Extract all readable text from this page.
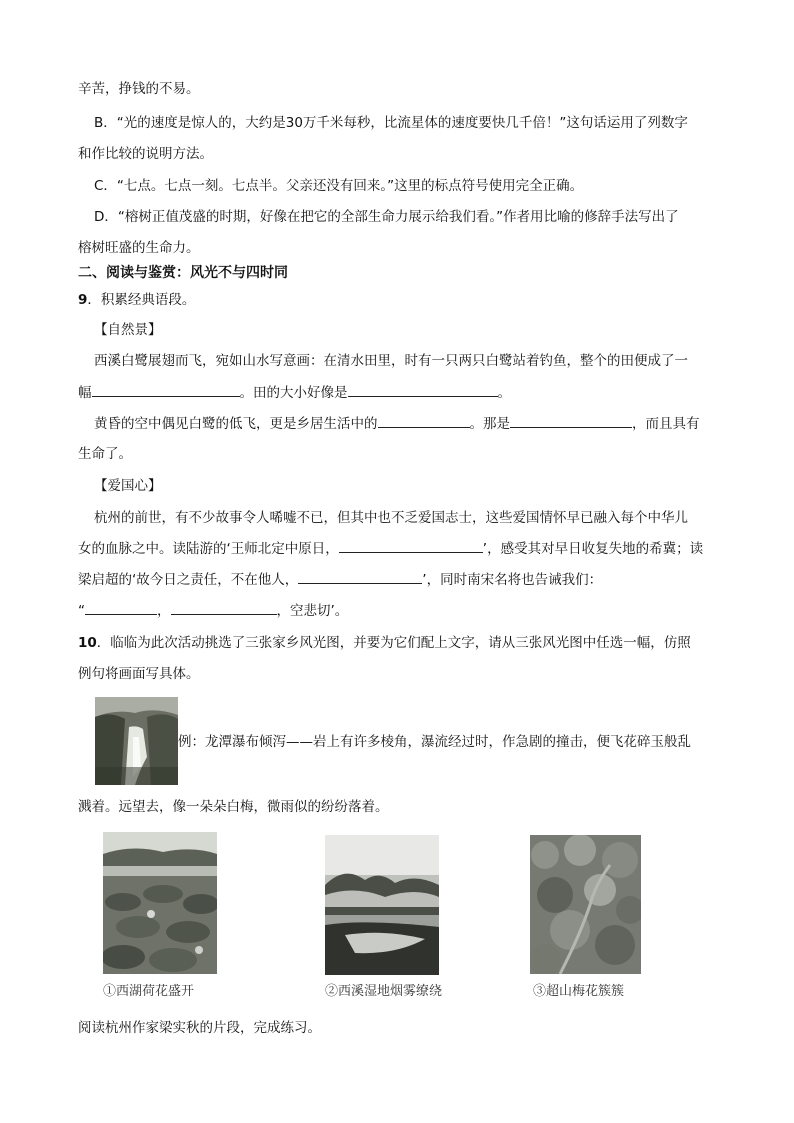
辛苦，挣钱的不易。
B．“光的速度是惊人的，大约是30万千米每秒，比流星体的速度要快几千倍！”这句话运用了列数字
和作比较的说明方法。
C．“七点。七点一刻。七点半。父亲还没有回来。”这里的标点符号使用完全正确。
D．“榕树正值茂盛的时期，好像在把它的全部生命力展示给我们看。”作者用比喻的修辞手法写出了
榕树旺盛的生命力。
二、阅读与鉴赏：风光不与四时同
9．积累经典语段。
【自然景】
西溪白鹭展翅而飞，宛如山水写意画：在清水田里，时有一只两只白鹭站着钓鱼，整个的田便成了一
幅	。田的大小好像是	。
黄昏的空中偶见白鹭的低飞，更是乡居生活中的	。那是	，而且具有
生命了。
【爱国心】
杭州的前世，有不少故事令人唏嘘不已，但其中也不乏爱国志士，这些爱国情怀早已融入每个中华儿
女的血脉之中。读陆游的‘王师北定中原日，	’，感受其对早日收复失地的希冀；读
梁启超的‘故今日之责任，不在他人，	’，同时南宋名将也告诫我们：
“	，	，空悲切’。
10．临临为此次活动挑选了三张家乡风光图，并要为它们配上文字，请从三张风光图中任选一幅，仿照
例句将画面写具体。
例：龙潭瀑布倾泻——岩上有许多棱角，瀑流经过时，作急剧的撞击，便飞花碎玉般乱
溅着。远望去，像一朵朵白梅，微雨似的纷纷落着。
①西湖荷花盛开	②西溪湿地烟雾缭绕	③超山梅花簇簇
阅读杭州作家梁实秋的片段，完成练习。
